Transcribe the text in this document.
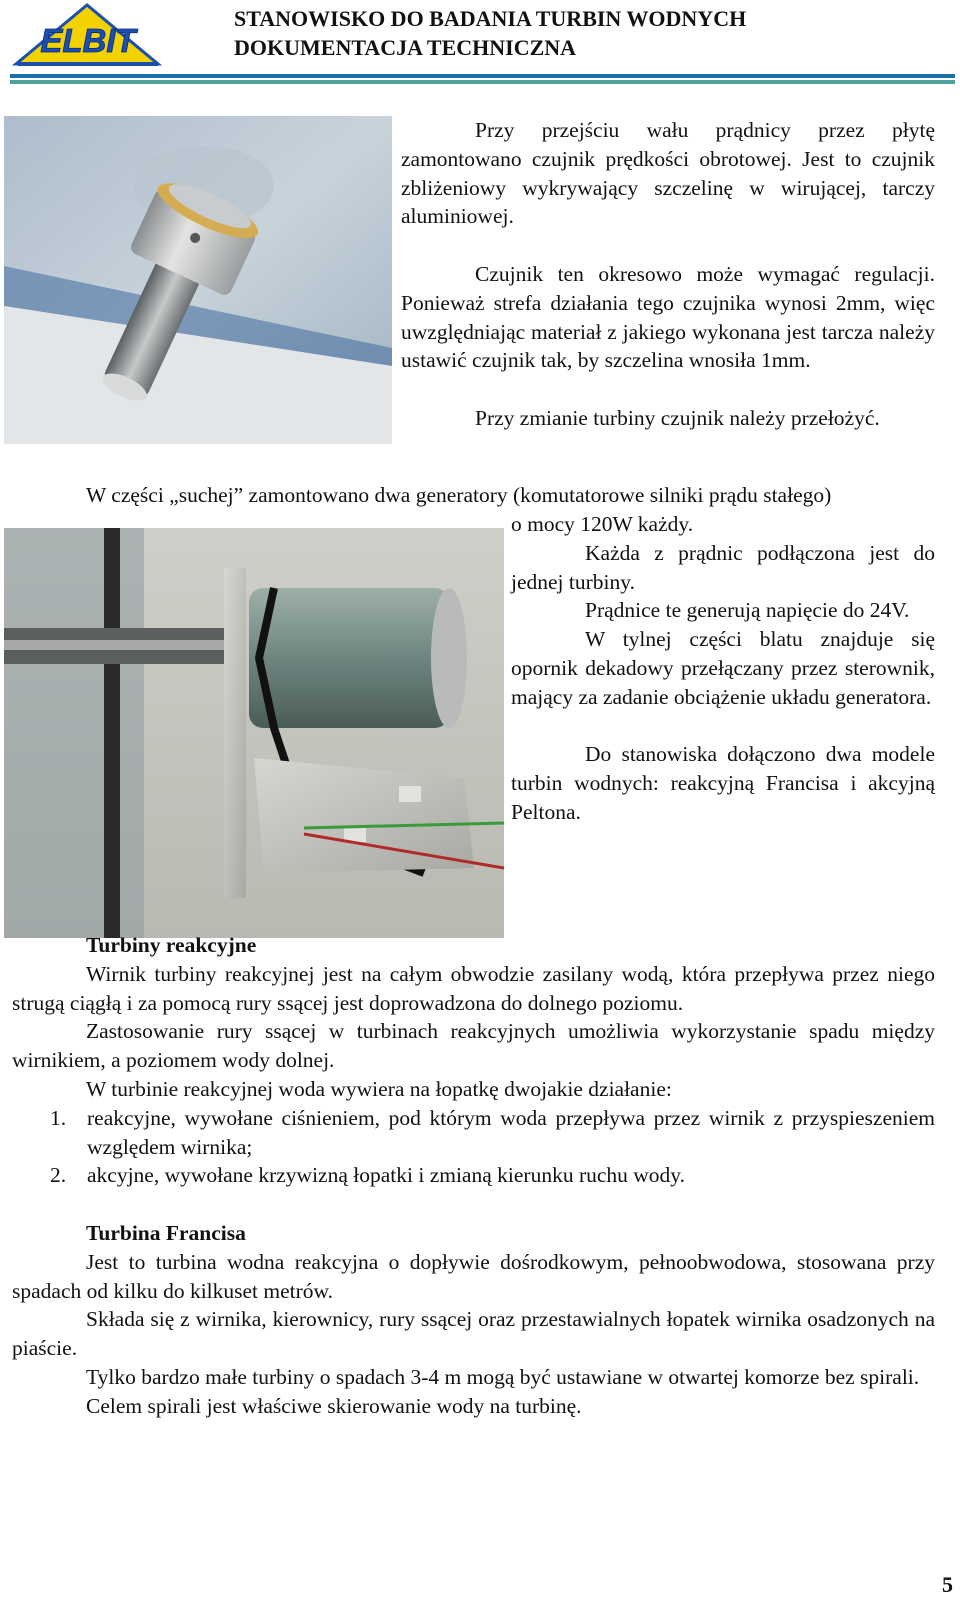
ELBIT
STANOWISKO DO BADANIA TURBIN WODNYCH
DOKUMENTACJA TECHNICZNA

Przy przejściu wału prądnicy przez płytę zamontowano czujnik prędkości obrotowej. Jest to czujnik zbliżeniowy wykrywający szczelinę w wirującej, tarczy aluminiowej.

Czujnik ten okresowo może wymagać regulacji. Ponieważ strefa działania tego czujnika wynosi 2mm, więc uwzględniając materiał z jakiego wykonana jest tarcza należy ustawić czujnik tak, by szczelina wnosiła 1mm.

Przy zmianie turbiny czujnik należy przełożyć.

W części „suchej” zamontowano dwa generatory (komutatorowe silniki prądu stałego)

o mocy 120W każdy.

Każda z prądnic podłączona jest do jednej turbiny.

Prądnice te generują napięcie do 24V.

W tylnej części blatu znajduje się opornik dekadowy przełączany przez sterownik, mający za zadanie obciążenie układu generatora.

Do stanowiska dołączono dwa modele turbin wodnych: reakcyjną Francisa i akcyjną Peltona.

Turbiny reakcyjne

Wirnik turbiny reakcyjnej jest na całym obwodzie zasilany wodą, która przepływa przez niego strugą ciągłą i za pomocą rury ssącej jest doprowadzona do dolnego poziomu.

Zastosowanie rury ssącej w turbinach reakcyjnych umożliwia wykorzystanie spadu między wirnikiem, a poziomem wody dolnej.

W turbinie reakcyjnej woda wywiera na łopatkę dwojakie działanie:

1. reakcyjne, wywołane ciśnieniem, pod którym woda przepływa przez wirnik z przyspieszeniem względem wirnika;
2. akcyjne, wywołane krzywizną łopatki i zmianą kierunku ruchu wody.

Turbina Francisa

Jest to turbina wodna reakcyjna o dopływie dośrodkowym, pełnoobwodowa, stosowana przy spadach od kilku do kilkuset metrów.

Składa się z wirnika, kierownicy, rury ssącej oraz przestawialnych łopatek wirnika osadzonych na piaście.

Tylko bardzo małe turbiny o spadach 3-4 m mogą być ustawiane w otwartej komorze bez spirali.

Celem spirali jest właściwe skierowanie wody na turbinę.

5
